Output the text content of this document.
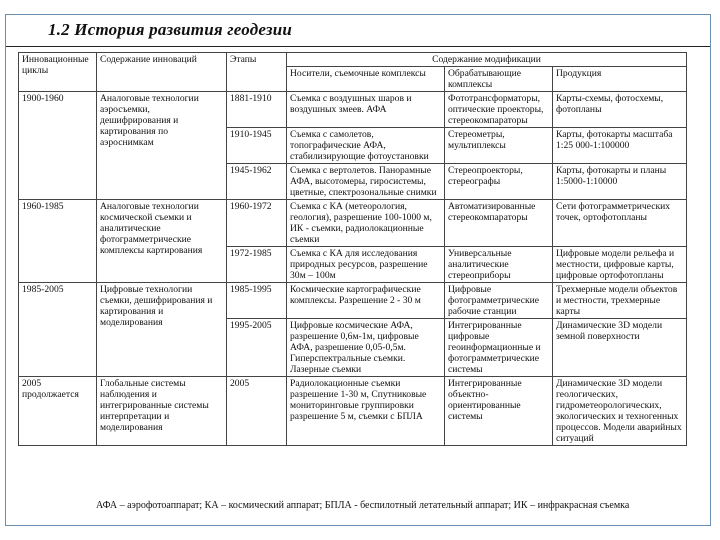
1.2 История развития геодезии
Инновационные циклы	Содержание инноваций	Этапы	Содержание модификации		
			Носители, съемочные комплексы	Обрабатывающие комплексы	Продукция
1900-1960	Аналоговые технологии аэросъемки, дешифрирования и картирования по аэроснимкам	1881-1910	Съемка с воздушных шаров и воздушных змеев. АФА	Фототрансформаторы, оптические проекторы, стереокомпараторы	Карты-схемы, фотосхемы, фотопланы
		1910-1945	Съемка с самолетов, топографические АФА, стабилизирующие фотоустановки	Стереометры, мультиплексы	Карты, фотокарты масштаба 1:25 000-1:100000
		1945-1962	Съемка с вертолетов. Панорамные АФА, высотомеры, гиросистемы, цветные, спектрозональные снимки	Стереопроекторы, стереографы	Карты, фотокарты и планы 1:5000-1:10000
1960-1985	Аналоговые технологии космической съемки и аналитические фотограмметрические комплексы картирования	1960-1972	Съемка с КА (метеорология, геология), разрешение 100-1000 м, ИК - съемки, радиолокационные съемки	Автоматизированные стереокомпараторы	Сети фотограмметрических точек, ортофотопланы
		1972-1985	Съемка с КА для исследования природных ресурсов, разрешение 30м – 100м	Универсальные аналитические стереоприборы	Цифровые модели рельефа и местности, цифровые карты, цифровые ортофотопланы
1985-2005	Цифровые технологии съемки, дешифрирования и картирования и моделирования	1985-1995	Космические картографические комплексы. Разрешение 2 - 30 м	Цифровые фотограмметрические рабочие станции	Трехмерные модели объектов и местности, трехмерные карты
		1995-2005	Цифровые космические АФА, разрешение 0,6м-1м, цифровые АФА, разрешение 0,05-0,5м. Гиперспектральные съемки. Лазерные съемки	Интегрированные цифровые геоинформационные и фотограмметрические системы	Динамические 3D модели земной поверхности
2005 продолжается	Глобальные системы наблюдения и интегрированные системы интерпретации и моделирования	2005	Радиолокационные съемки разрешение 1-30 м, Спутниковые мониторинговые группировки разрешение 5 м, съемки с БПЛА	Интегрированные объектно-ориентированные системы	Динамические 3D модели геологических, гидрометеорологических, экологических и техногенных процессов. Модели аварийных ситуаций
АФА – аэрофотоаппарат; КА – космический аппарат; БПЛА - беспилотный летательный аппарат; ИК – инфракрасная съемка
